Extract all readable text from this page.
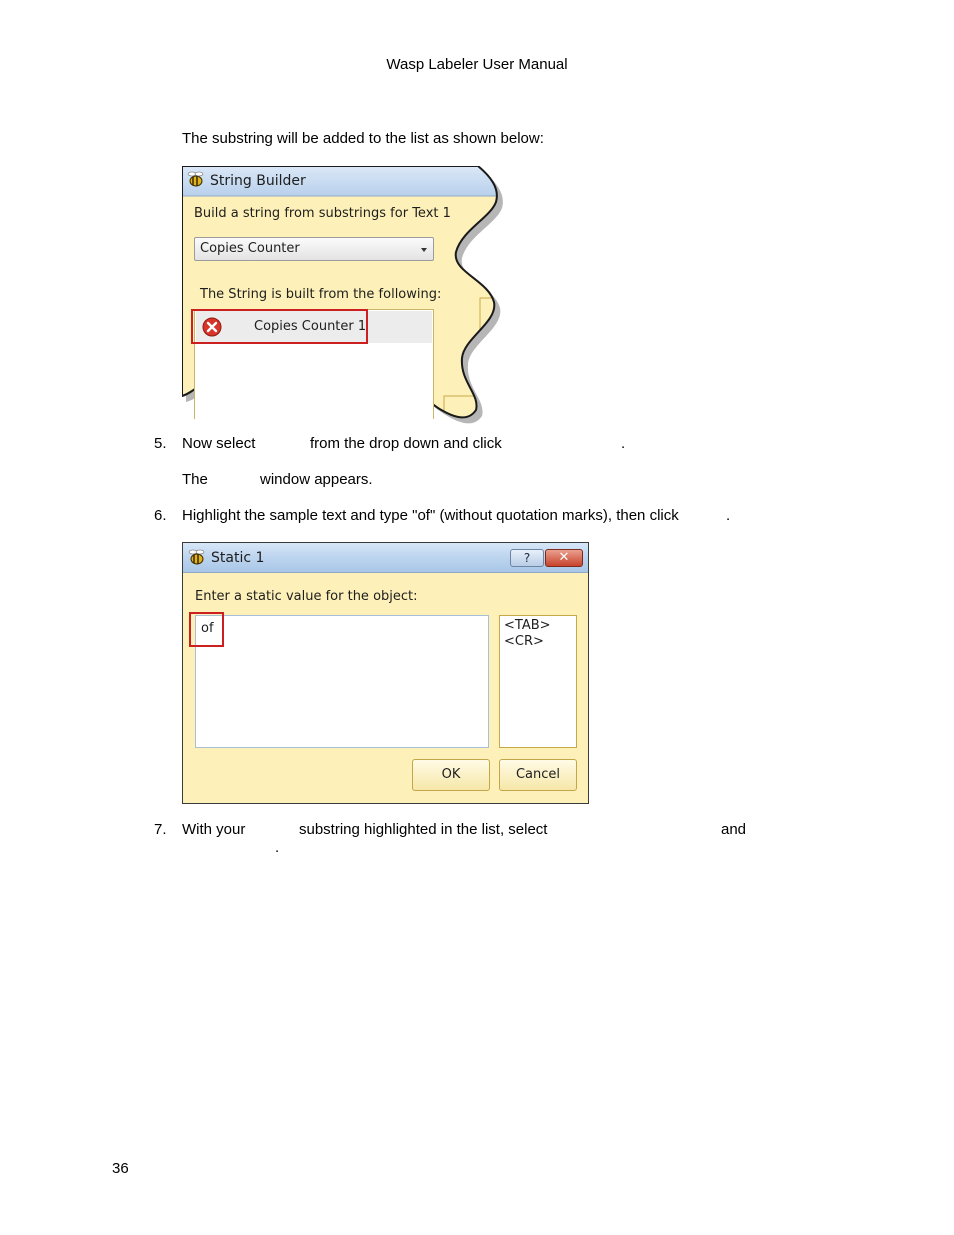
Wasp Labeler User Manual
The substring will be added to the list as shown below:
String Builder
Build a string from substrings for Text 1
Copies Counter
The String is built from the following:
Copies Counter 1
5. Now select	from the drop down and click	.
The	window appears.
6. Highlight the sample text and type "of" (without quotation marks), then click	.
Static 1	?	✕
Enter a static value for the object:
of	<TAB>
<CR>
OK	Cancel
7. With your	substring highlighted in the list, select	and
.
36
